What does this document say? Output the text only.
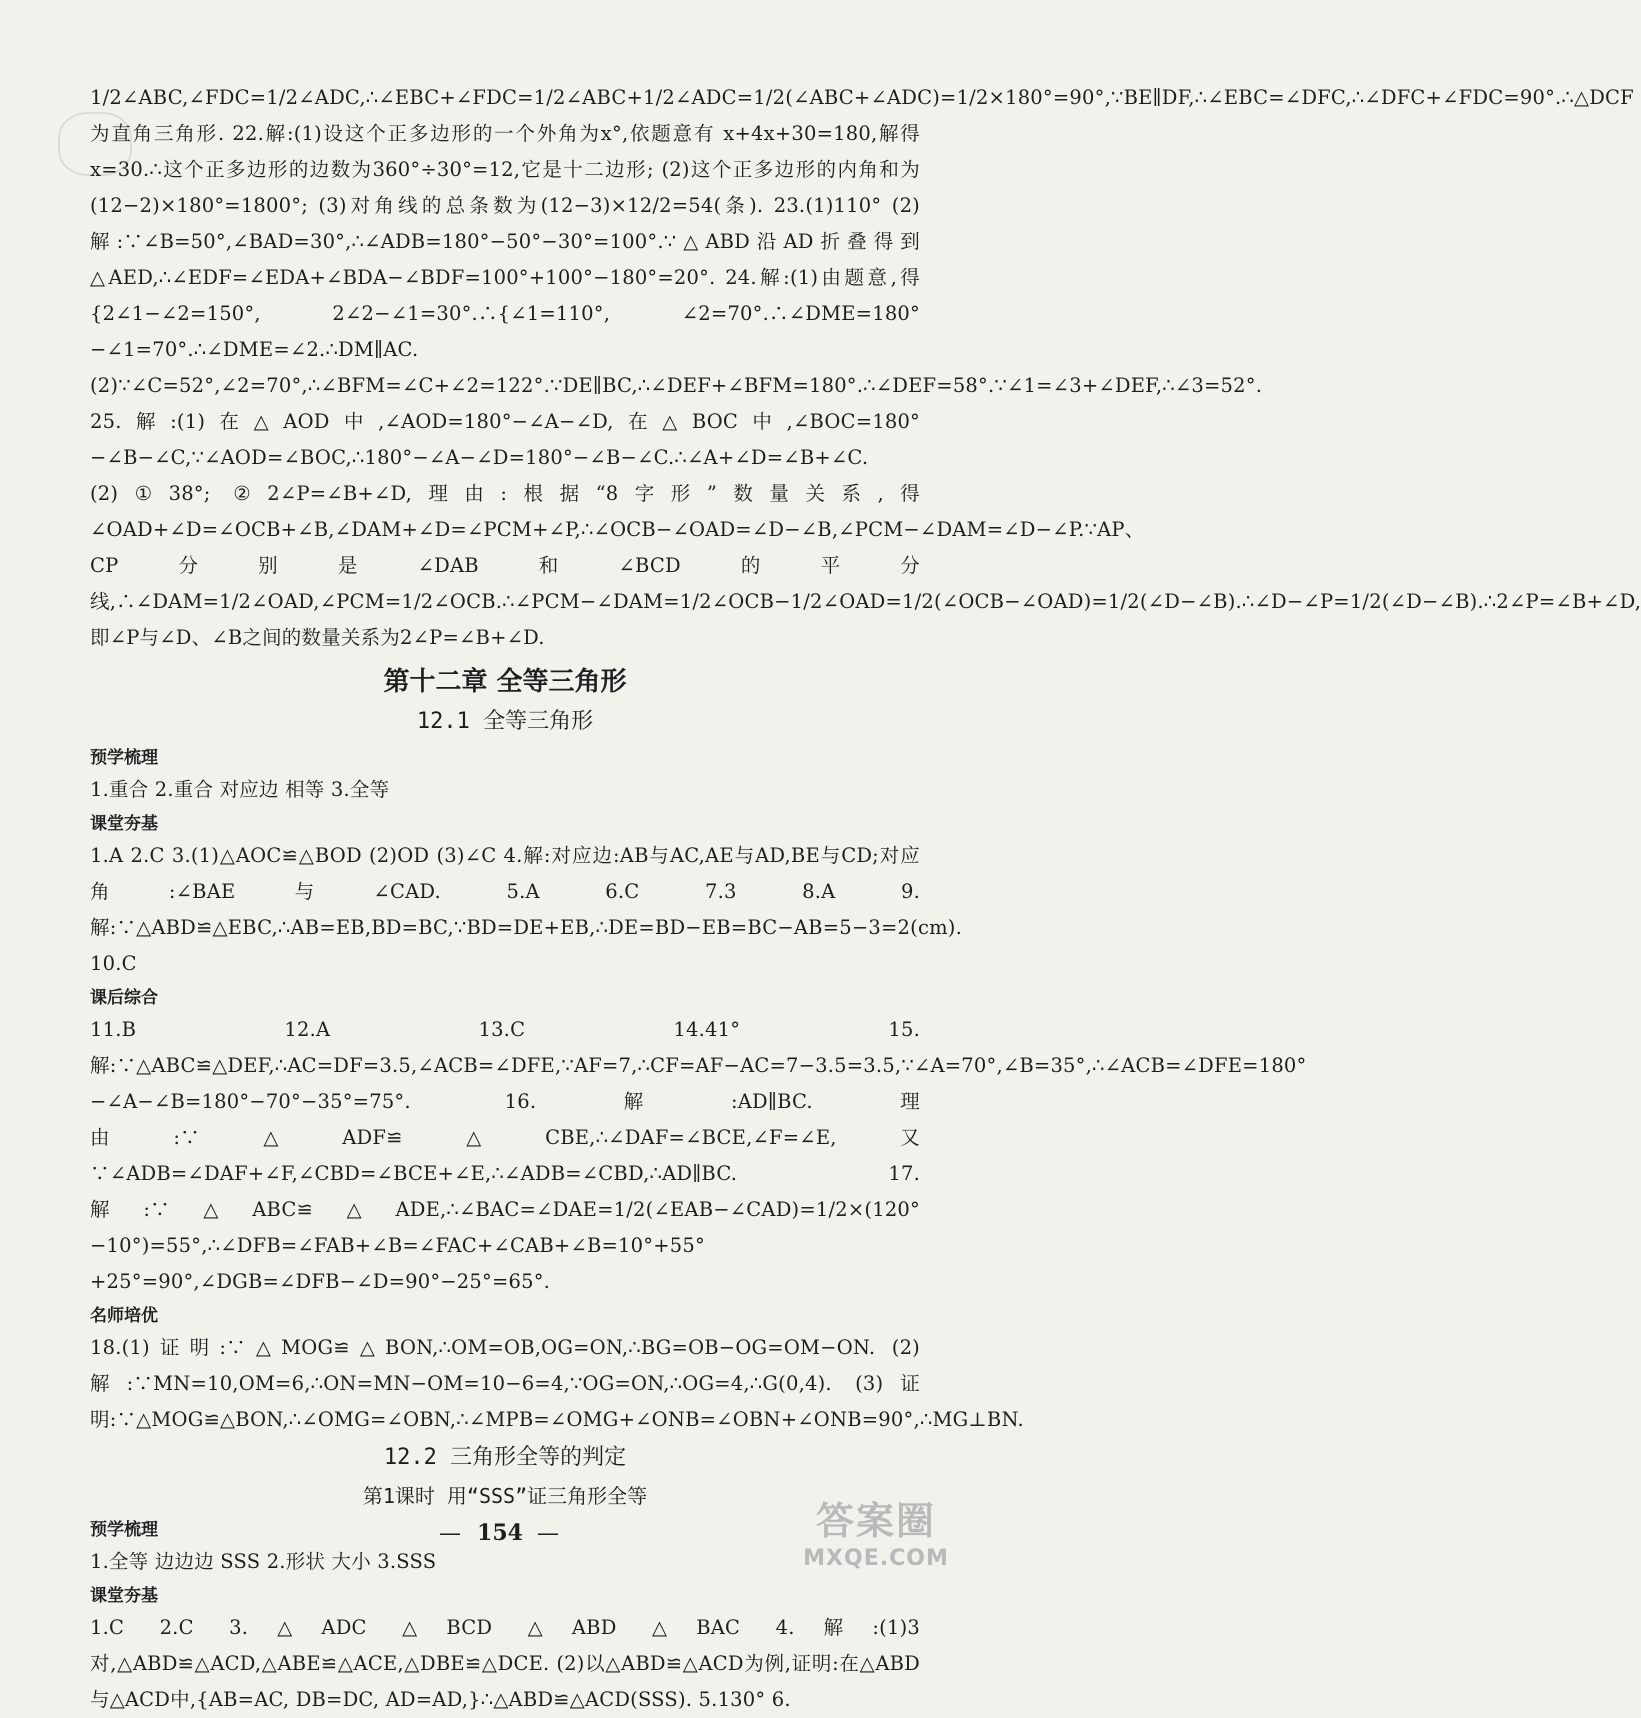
1/2∠ABC,∠FDC=1/2∠ADC,∴∠EBC+∠FDC=1/2∠ABC+1/2∠ADC=1/2(∠ABC+∠ADC)=1/2×180°=90°,∵BE∥DF,∴∠EBC=∠DFC,∴∠DFC+∠FDC=90°.∴△DCF为直角三角形. 22.解:(1)设这个正多边形的一个外角为x°,依题意有 x+4x+30=180,解得 x=30.∴这个正多边形的边数为360°÷30°=12,它是十二边形; (2)这个正多边形的内角和为(12−2)×180°=1800°; (3)对角线的总条数为(12−3)×12/2=54(条). 23.(1)110° (2)解:∵∠B=50°,∠BAD=30°,∴∠ADB=180°−50°−30°=100°.∵△ABD沿AD折叠得到△AED,∴∠EDF=∠EDA+∠BDA−∠BDF=100°+100°−180°=20°. 24.解:(1)由题意,得{2∠1−∠2=150°, 2∠2−∠1=30°.∴{∠1=110°, ∠2=70°.∴∠DME=180°−∠1=70°.∴∠DME=∠2.∴DM∥AC. (2)∵∠C=52°,∠2=70°,∴∠BFM=∠C+∠2=122°.∵DE∥BC,∴∠DEF+∠BFM=180°.∴∠DEF=58°.∵∠1=∠3+∠DEF,∴∠3=52°. 25.解:(1)在△AOD中,∠AOD=180°−∠A−∠D,在△BOC中,∠BOC=180°−∠B−∠C,∵∠AOD=∠BOC,∴180°−∠A−∠D=180°−∠B−∠C.∴∠A+∠D=∠B+∠C. (2)①38°; ②2∠P=∠B+∠D,理由:根据“8字形”数量关系,得∠OAD+∠D=∠OCB+∠B,∠DAM+∠D=∠PCM+∠P,∴∠OCB−∠OAD=∠D−∠B,∠PCM−∠DAM=∠D−∠P.∵AP、CP分别是∠DAB和∠BCD的平分线,∴∠DAM=1/2∠OAD,∠PCM=1/2∠OCB.∴∠PCM−∠DAM=1/2∠OCB−1/2∠OAD=1/2(∠OCB−∠OAD)=1/2(∠D−∠B).∴∠D−∠P=1/2(∠D−∠B).∴2∠P=∠B+∠D,即∠P与∠D、∠B之间的数量关系为2∠P=∠B+∠D.

第十二章 全等三角形
12.1 全等三角形
预学梳理

1.重合 2.重合 对应边 相等 3.全等

课堂夯基

1.A 2.C 3.(1)△AOC≌△BOD (2)OD (3)∠C 4.解:对应边:AB与AC,AE与AD,BE与CD;对应角:∠BAE与∠CAD. 5.A 6.C 7.3 8.A 9.解:∵△ABD≌△EBC,∴AB=EB,BD=BC,∵BD=DE+EB,∴DE=BD−EB=BC−AB=5−3=2(cm). 10.C

课后综合

11.B 12.A 13.C 14.41° 15.解:∵△ABC≌△DEF,∴AC=DF=3.5,∠ACB=∠DFE,∵AF=7,∴CF=AF−AC=7−3.5=3.5,∵∠A=70°,∠B=35°,∴∠ACB=∠DFE=180°−∠A−∠B=180°−70°−35°=75°. 16.解:AD∥BC.理由:∵△ADF≌△CBE,∴∠DAF=∠BCE,∠F=∠E,又∵∠ADB=∠DAF+∠F,∠CBD=∠BCE+∠E,∴∠ADB=∠CBD,∴AD∥BC. 17.解:∵△ABC≌△ADE,∴∠BAC=∠DAE=1/2(∠EAB−∠CAD)=1/2×(120°−10°)=55°,∴∠DFB=∠FAB+∠B=∠FAC+∠CAB+∠B=10°+55°+25°=90°,∠DGB=∠DFB−∠D=90°−25°=65°.

名师培优

18.(1)证明:∵△MOG≌△BON,∴OM=OB,OG=ON,∴BG=OB−OG=OM−ON. (2)解:∵MN=10,OM=6,∴ON=MN−OM=10−6=4,∵OG=ON,∴OG=4,∴G(0,4). (3)证明:∵△MOG≌△BON,∴∠OMG=∠OBN,∴∠MPB=∠OMG+∠ONB=∠OBN+∠ONB=90°,∴MG⊥BN.

12.2 三角形全等的判定
第1课时 用“SSS”证三角形全等
预学梳理

1.全等 边边边 SSS 2.形状 大小 3.SSS

课堂夯基

1.C 2.C 3.△ADC △BCD △ABD △BAC 4.解:(1)3对,△ABD≌△ACD,△ABE≌△ACE,△DBE≌△DCE. (2)以△ABD≌△ACD为例,证明:在△ABD与△ACD中,{AB=AC, DB=DC, AD=AD,}∴△ABD≌△ACD(SSS). 5.130° 6.

— 154 —	答案圈
MXQE.COM
